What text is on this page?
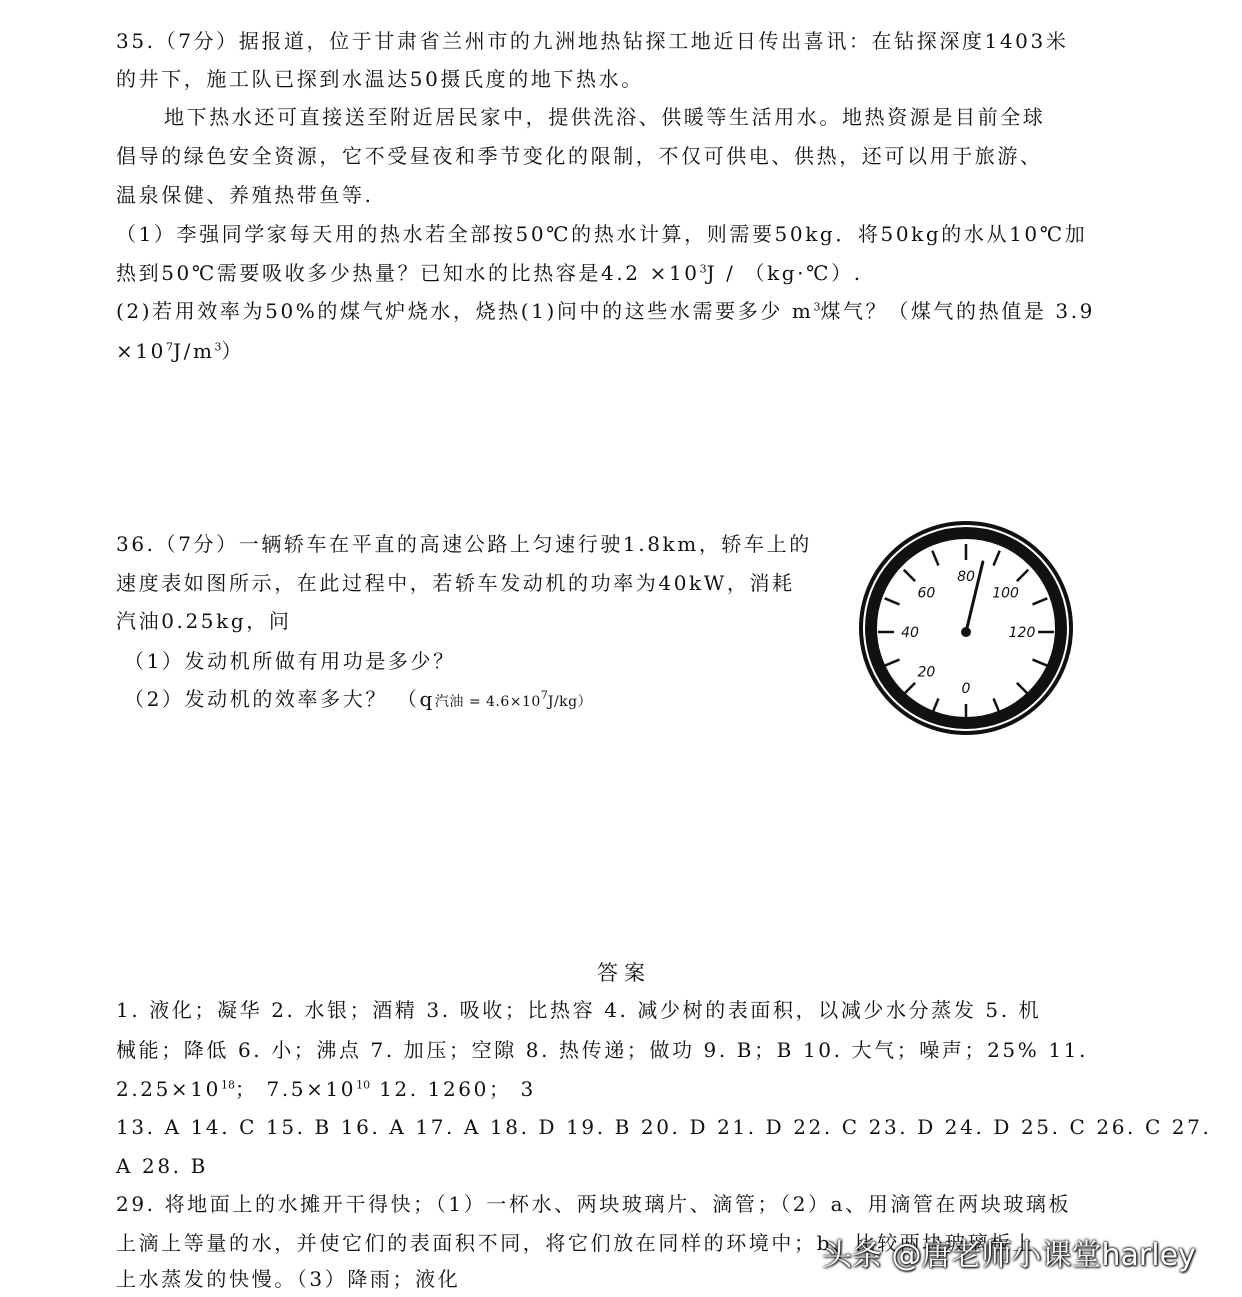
35.（7分）据报道，位于甘肃省兰州市的九洲地热钻探工地近日传出喜讯：在钻探深度1403米
的井下，施工队已探到水温达50摄氏度的地下热水。
地下热水还可直接送至附近居民家中，提供洗浴、供暖等生活用水。地热资源是目前全球
倡导的绿色安全资源，它不受昼夜和季节变化的限制，不仅可供电、供热，还可以用于旅游、
温泉保健、养殖热带鱼等.
（1）李强同学家每天用的热水若全部按50℃的热水计算，则需要50kg．将50kg的水从10℃加
热到50℃需要吸收多少热量？已知水的比热容是$4.2 \times 10^3J$ / （kg·℃）.
(2)若用效率为50%的煤气炉烧水，烧热(1)问中的这些水需要多少 $m^3$煤气？（煤气的热值是 3.9
$\times 10^7J/m^3$）
36.（7分）一辆轿车在平直的高速公路上匀速行驶1.8km，轿车上的
速度表如图所示，在此过程中，若轿车发动机的功率为40kW，消耗
汽油0.25kg，问
（1）发动机所做有用功是多少？
（2）发动机的效率多大？ （q汽油 = $4.6\times 10^7J/kg$）
0
20
40
60
80
100
120
答案
1. 液化；凝华 2. 水银；酒精 3. 吸收；比热容 4. 减少树的表面积，以减少水分蒸发 5. 机
械能；降低 6. 小；沸点 7. 加压；空隙 8. 热传递；做功 9. B；B 10. 大气；噪声；25% 11.
$2.25\times 10^{18}$； $7.5\times 10^{10}$ 12. 1260； 3
13. A 14. C 15. B 16. A 17. A 18. D 19. B 20. D 21. D 22. C 23. D 24. D 25. C 26. C 27.
A 28. B
29. 将地面上的水摊开干得快；（1）一杯水、两块玻璃片、滴管；（2）a、用滴管在两块玻璃板
上滴上等量的水，并使它们的表面积不同，将它们放在同样的环境中；b、比较两块玻璃板上
上水蒸发的快慢。（3）降雨；液化
头条 @唐老师小课堂harley
